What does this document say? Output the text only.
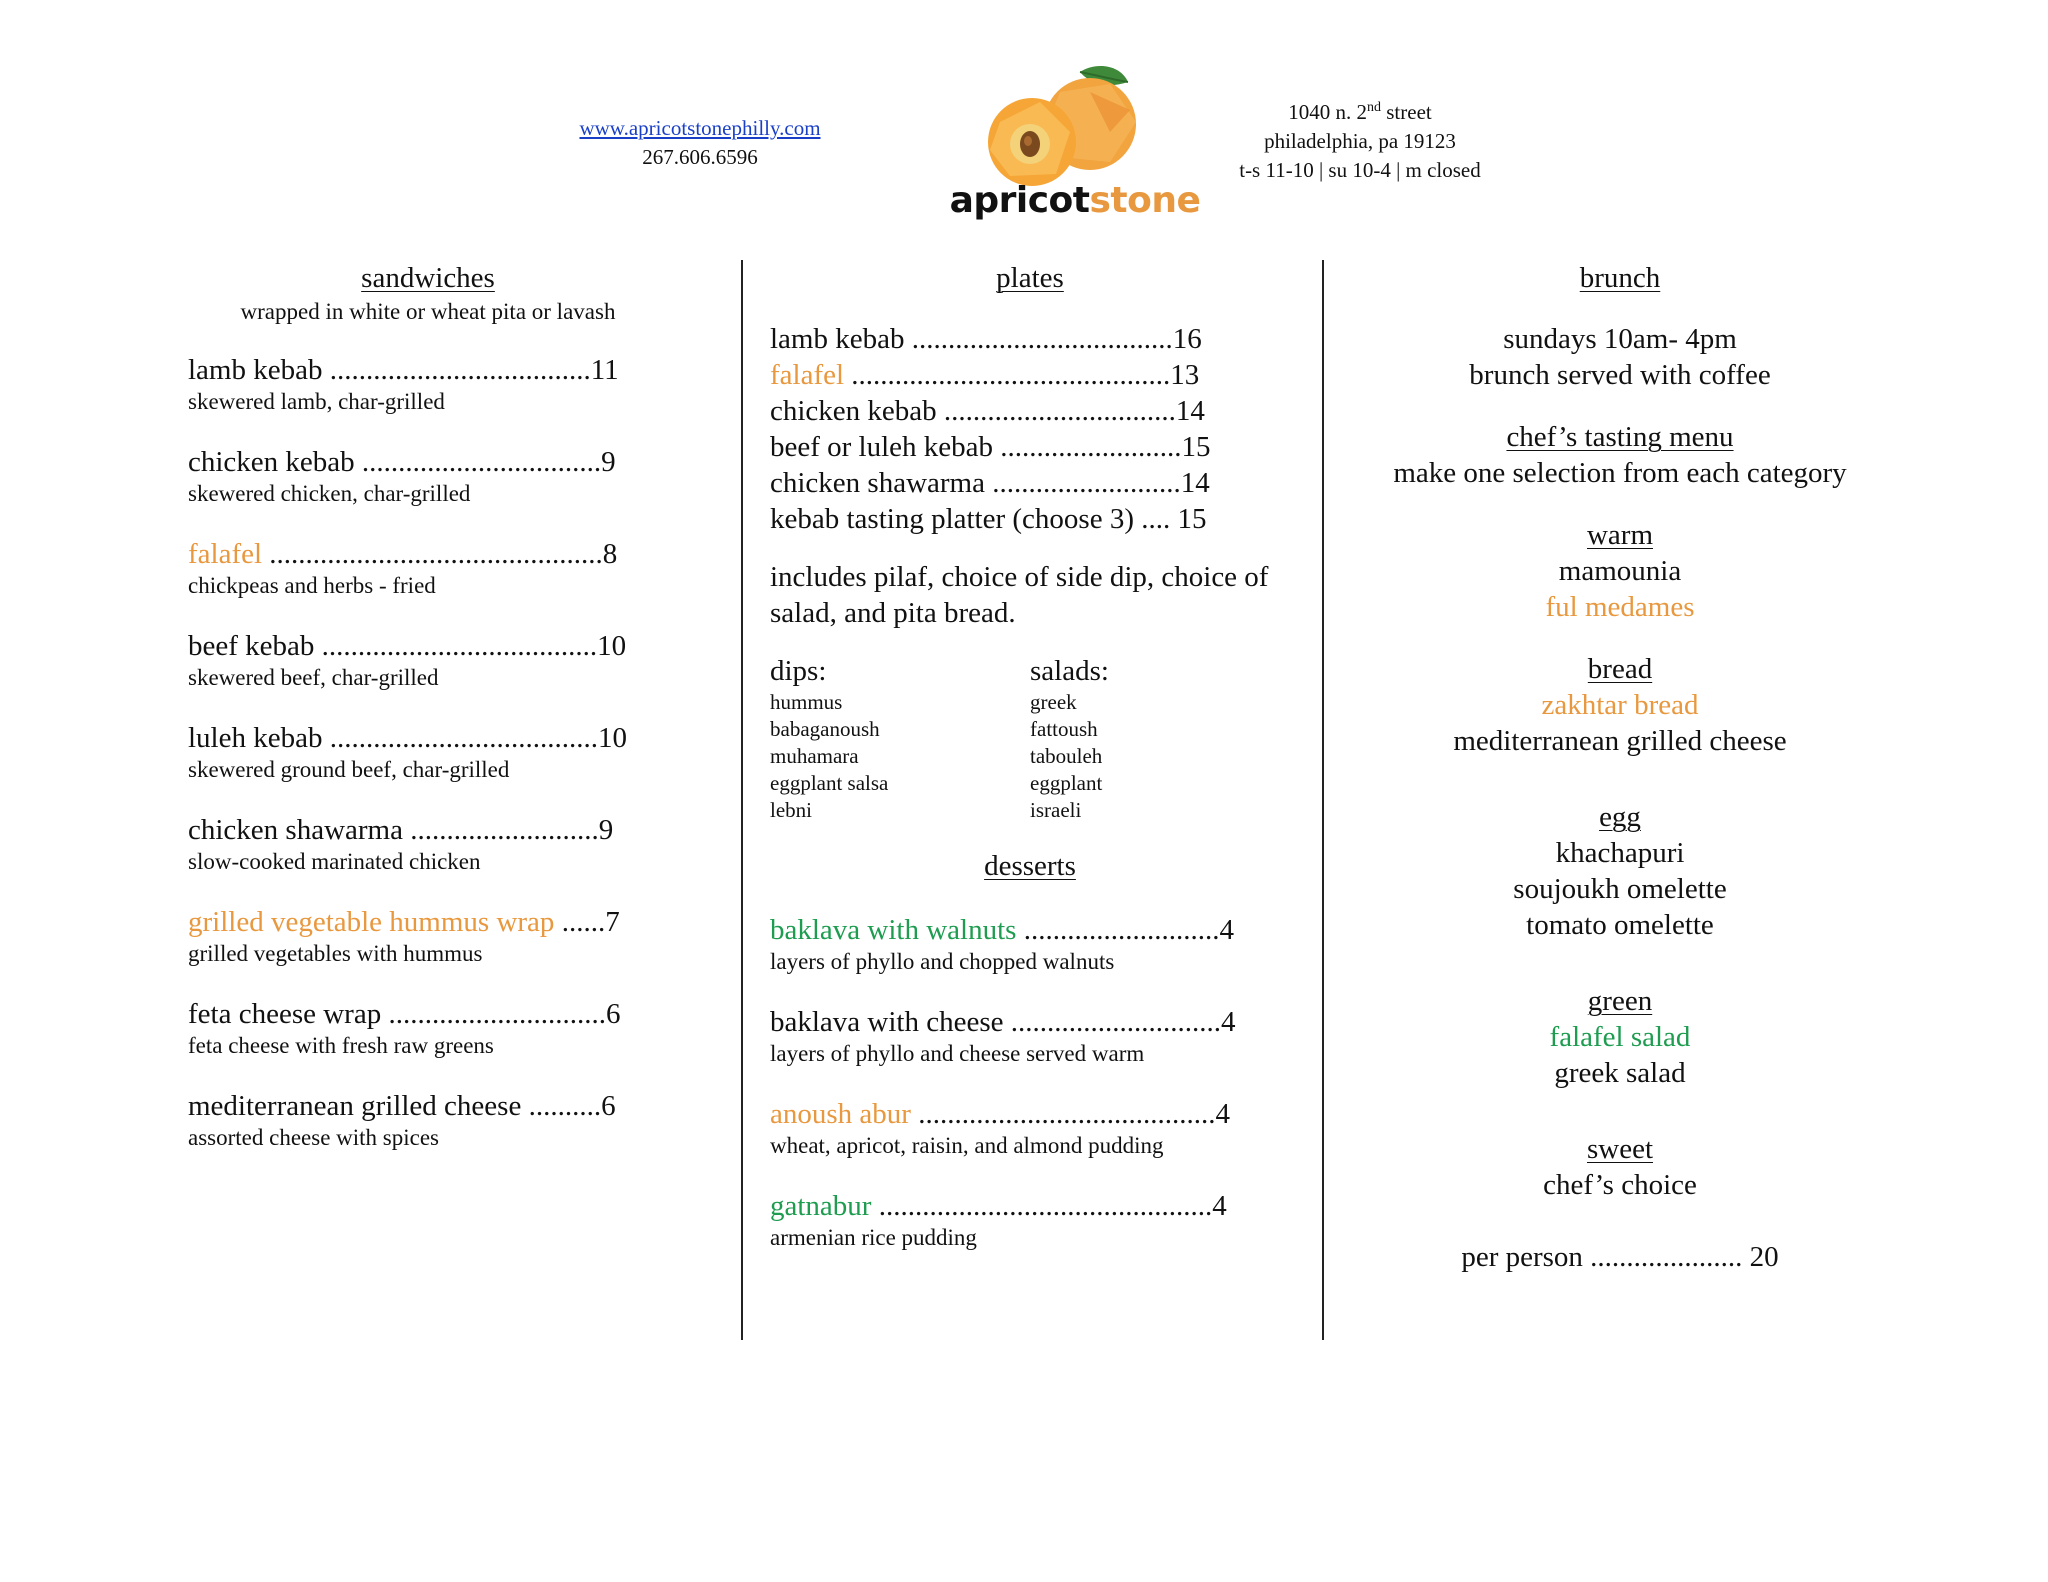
www.apricotstonephilly.com
267.606.6596
apricotstone
1040 n. 2nd street
philadelphia, pa 19123
t-s 11-10 | su 10-4 | m closed
sandwiches
wrapped in white or wheat pita or lavash
lamb kebab ....................................11
skewered lamb, char-grilled
chicken kebab .................................9
skewered chicken, char-grilled
falafel ..............................................8
chickpeas and herbs - fried
beef kebab ......................................10
skewered beef, char-grilled
luleh kebab .....................................10
skewered ground beef, char-grilled
chicken shawarma ..........................9
slow-cooked marinated chicken
grilled vegetable hummus wrap ......7
grilled vegetables with hummus
feta cheese wrap ..............................6
feta cheese with fresh raw greens
mediterranean grilled cheese ..........6
assorted cheese with spices
plates
lamb kebab ....................................16
falafel ............................................13
chicken kebab ................................14
beef or luleh kebab .........................15
chicken shawarma ..........................14
kebab tasting platter (choose 3) .... 15
includes pilaf, choice of side dip, choice of salad, and pita bread.
dips:
hummus
babaganoush
muhamara
eggplant salsa
lebni
salads:
greek
fattoush
tabouleh
eggplant
israeli
desserts
baklava with walnuts ...........................4
layers of phyllo and chopped walnuts
baklava with cheese .............................4
layers of phyllo and cheese served warm
anoush abur .........................................4
wheat, apricot, raisin, and almond pudding
gatnabur ..............................................4
armenian rice pudding
brunch
sundays 10am- 4pm
brunch served with coffee
chef’s tasting menu
make one selection from each category
warm
mamounia
ful medames
bread
zakhtar bread
mediterranean grilled cheese
egg
khachapuri
soujoukh omelette
tomato omelette
green
falafel salad
greek salad
sweet
chef’s choice
per person ..................... 20
